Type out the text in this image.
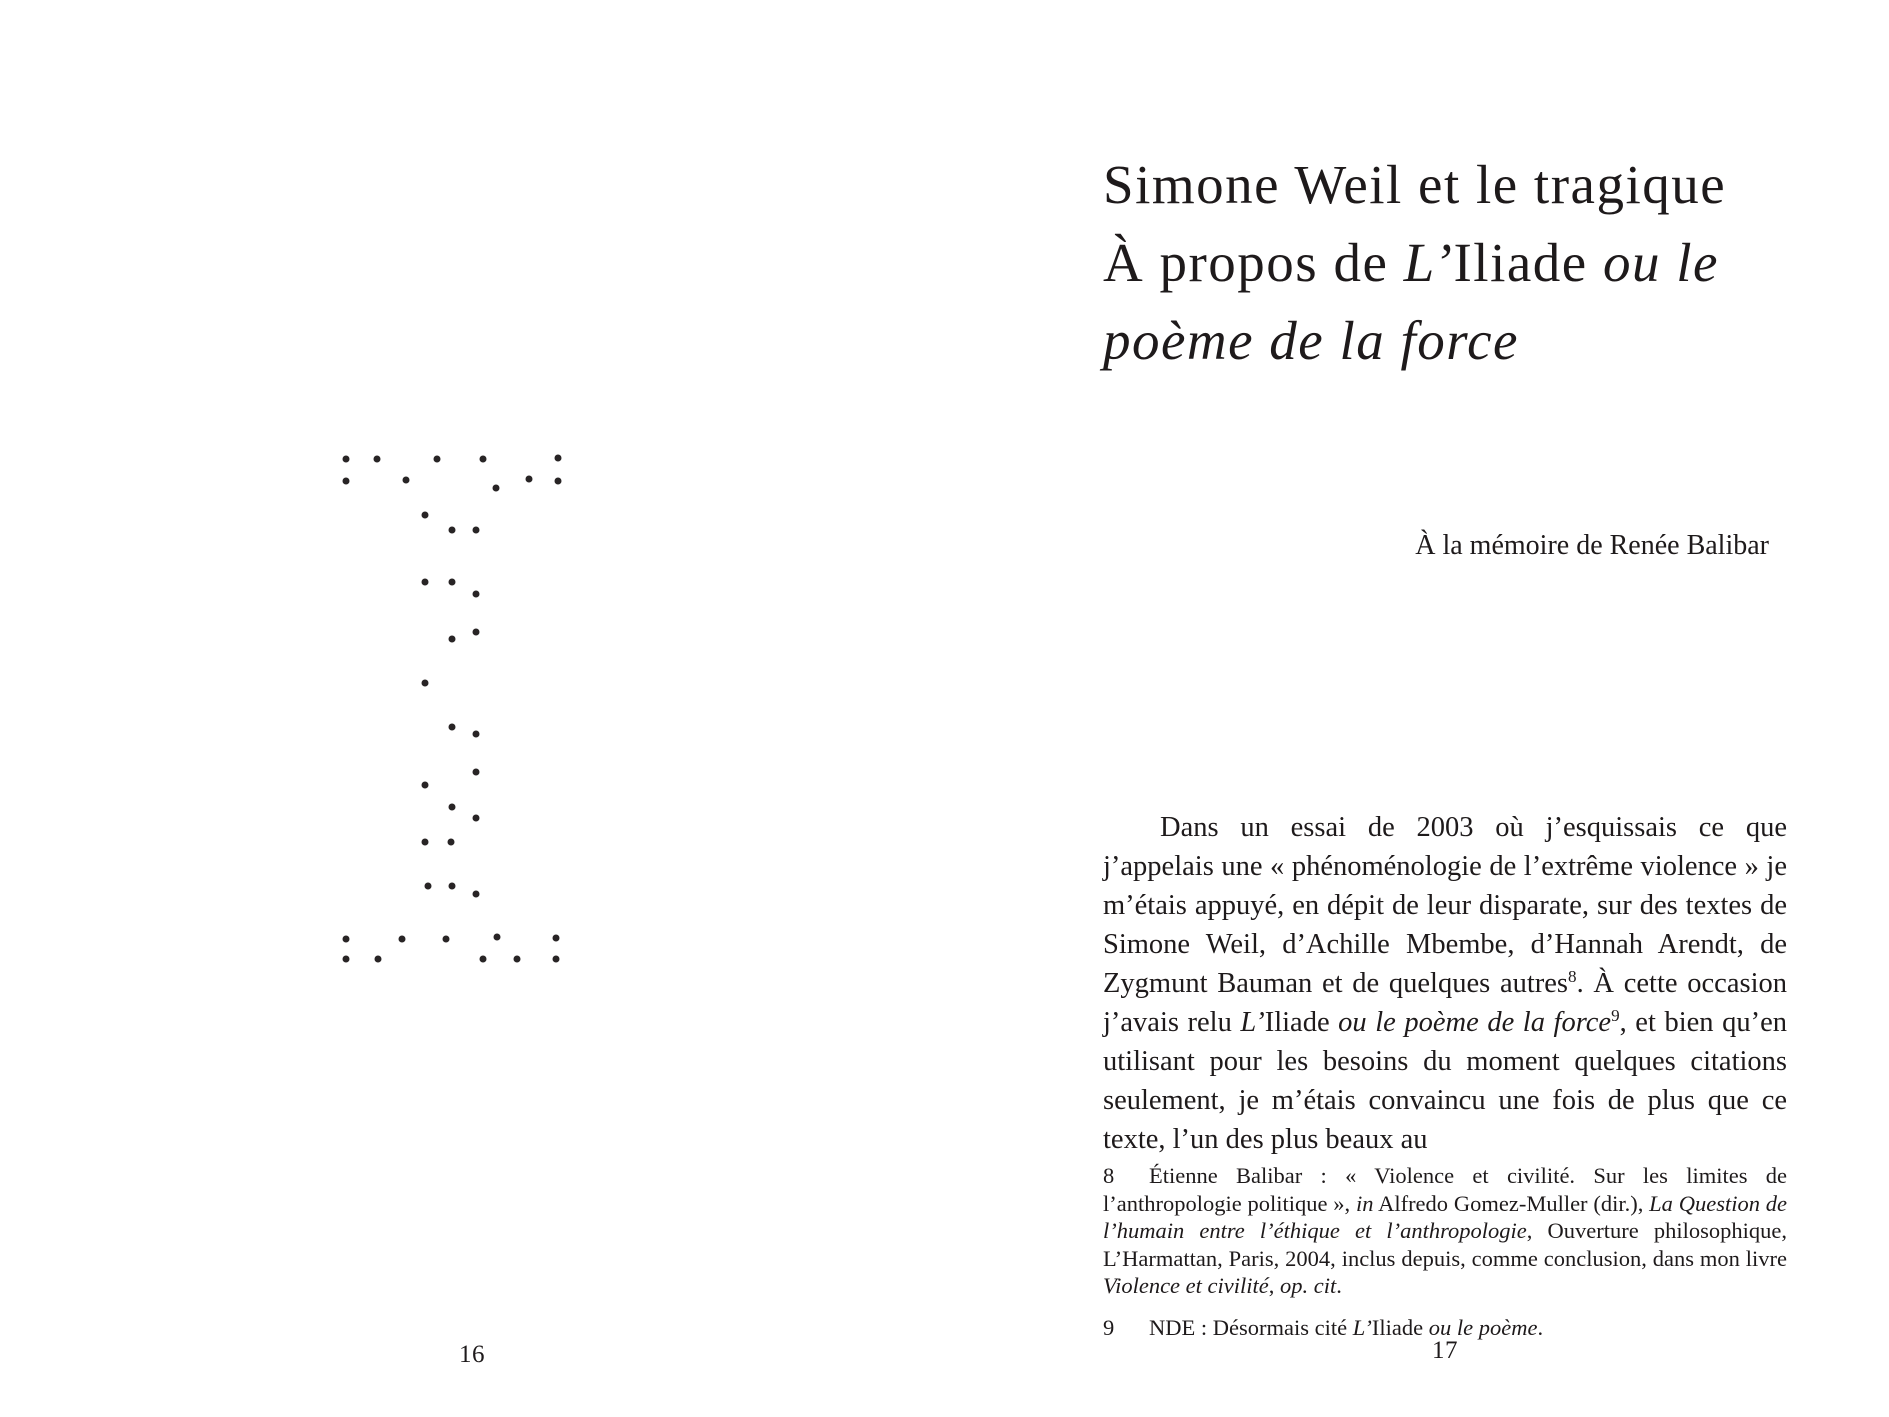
16
Simone Weil et le tragique
À propos de L’Iliade ou le
poème de la force
À la mémoire de Renée Balibar

Dans un essai de 2003 où j’esquissais ce que j’appelais une « phénoménologie de l’extrême violence » je m’étais appuyé, en dépit de leur disparate, sur des textes de Simone Weil, d’Achille Mbembe, d’Hannah Arendt, de Zygmunt Bauman et de quelques autres$^8$. À cette occasion j’avais relu L’Iliade ou le poème de la force$^9$, et bien qu’en utilisant pour les besoins du moment quelques citations seulement, je m’étais convaincu une fois de plus que ce texte, l’un des plus beaux au

8 Étienne Balibar : « Violence et civilité. Sur les limites de l’anthropologie politique », in Alfredo Gomez-Muller (dir.), La Question de l’humain entre l’éthique et l’anthropologie, Ouverture philosophique, L’Harmattan, Paris, 2004, inclus depuis, comme conclusion, dans mon livre Violence et civilité, op. cit.

9 NDE : Désormais cité L’Iliade ou le poème.

17
